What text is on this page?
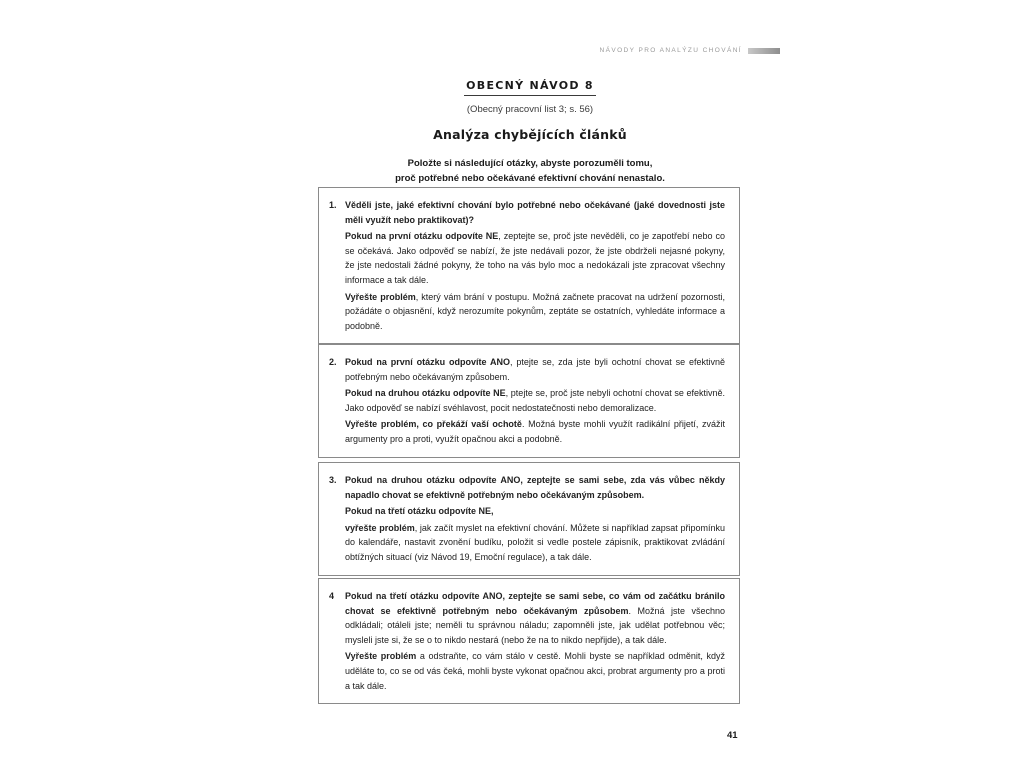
NÁVODY PRO ANALÝZU CHOVÁNÍ
OBECNÝ NÁVOD 8
(Obecný pracovní list 3; s. 56)
Analýza chybějících článků
Položte si následující otázky, abyste porozuměli tomu,
proč potřebné nebo očekávané efektivní chování nenastalo.
1. Věděli jste, jaké efektivní chování bylo potřebné nebo očekávané (jaké dovednosti jste měli využít nebo praktikovat)?

Pokud na první otázku odpovíte NE, zeptejte se, proč jste nevěděli, co je zapotřebí nebo co se očekává. Jako odpověď se nabízí, že jste nedávali pozor, že jste obdrželi nejasné pokyny, že jste nedostali žádné pokyny, že toho na vás bylo moc a nedokázali jste zpracovat všechny informace a tak dále.

Vyřešte problém, který vám brání v postupu. Možná začnete pracovat na udržení pozornosti, požádáte o objasnění, když nerozumíte pokynům, zeptáte se ostatních, vyhledáte informace a podobně.

2. Pokud na první otázku odpovíte ANO, ptejte se, zda jste byli ochotní chovat se efektivně potřebným nebo očekávaným způsobem.

Pokud na druhou otázku odpovíte NE, ptejte se, proč jste nebyli ochotní chovat se efektivně. Jako odpověď se nabízí svéhlavost, pocit nedostatečnosti nebo demoralizace.

Vyřešte problém, co překáží vaší ochotě. Možná byste mohli využít radikální přijetí, zvážit argumenty pro a proti, využít opačnou akci a podobně.

3. Pokud na druhou otázku odpovíte ANO, zeptejte se sami sebe, zda vás vůbec někdy napadlo chovat se efektivně potřebným nebo očekávaným způsobem.

Pokud na třetí otázku odpovíte NE,

vyřešte problém, jak začít myslet na efektivní chování. Můžete si například zapsat připomínku do kalendáře, nastavit zvonění budíku, položit si vedle postele zápisník, praktikovat zvládání obtížných situací (viz Návod 19, Emoční regulace), a tak dále.

4	Pokud na třetí otázku odpovíte ANO, zeptejte se sami sebe, co vám od začátku bránilo chovat se efektivně potřebným nebo očekávaným způsobem. Možná jste všechno odkládali; otáleli jste; neměli tu správnou náladu; zapomněli jste, jak udělat potřebnou věc; mysleli jste si, že se o to nikdo nestará (nebo že na to nikdo nepřijde), a tak dále.

Vyřešte problém a odstraňte, co vám stálo v cestě. Mohli byste se například odměnit, když uděláte to, co se od vás čeká, mohli byste vykonat opačnou akci, probrat argumenty pro a proti a tak dále.

41
